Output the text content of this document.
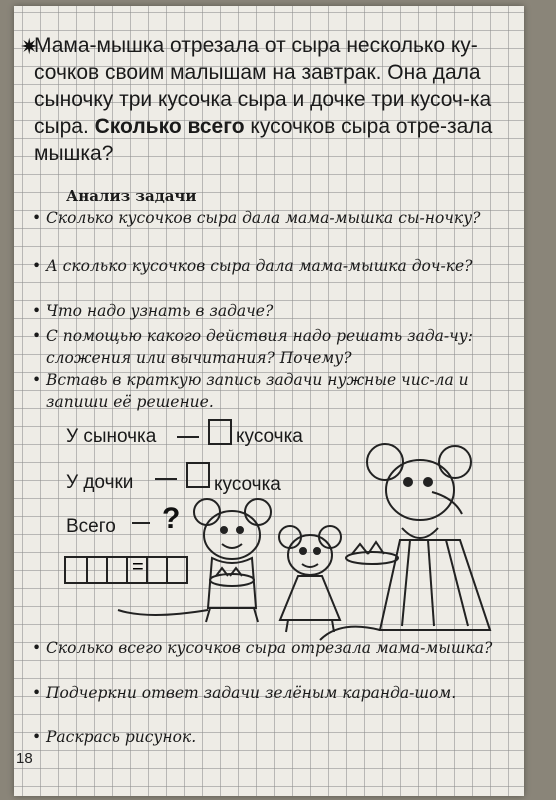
✷
Мама-мышка отрезала от сыра несколько ку-сочков своим малышам на завтрак. Она дала сыночку три кусочка сыра и дочке три кусоч-ка сыра. Сколько всего кусочков сыра отре-зала мышка?
Анализ задачи
• Сколько кусочков сыра дала мама-мышка сы-ночку?
• А сколько кусочков сыра дала мама-мышка доч-ке?
• Что надо узнать в задаче?
• С помощью какого действия надо решать зада-чу: сложения или вычитания? Почему?
• Вставь в краткую запись задачи нужные чис-ла и запиши её решение.
У сыночка	кусочка
У дочки	кусочка
Всего ?
=
• Сколько всего кусочков сыра отрезала мама-мышка?
• Подчеркни ответ задачи зелёным каранда-шом.
• Раскрась рисунок.
18
